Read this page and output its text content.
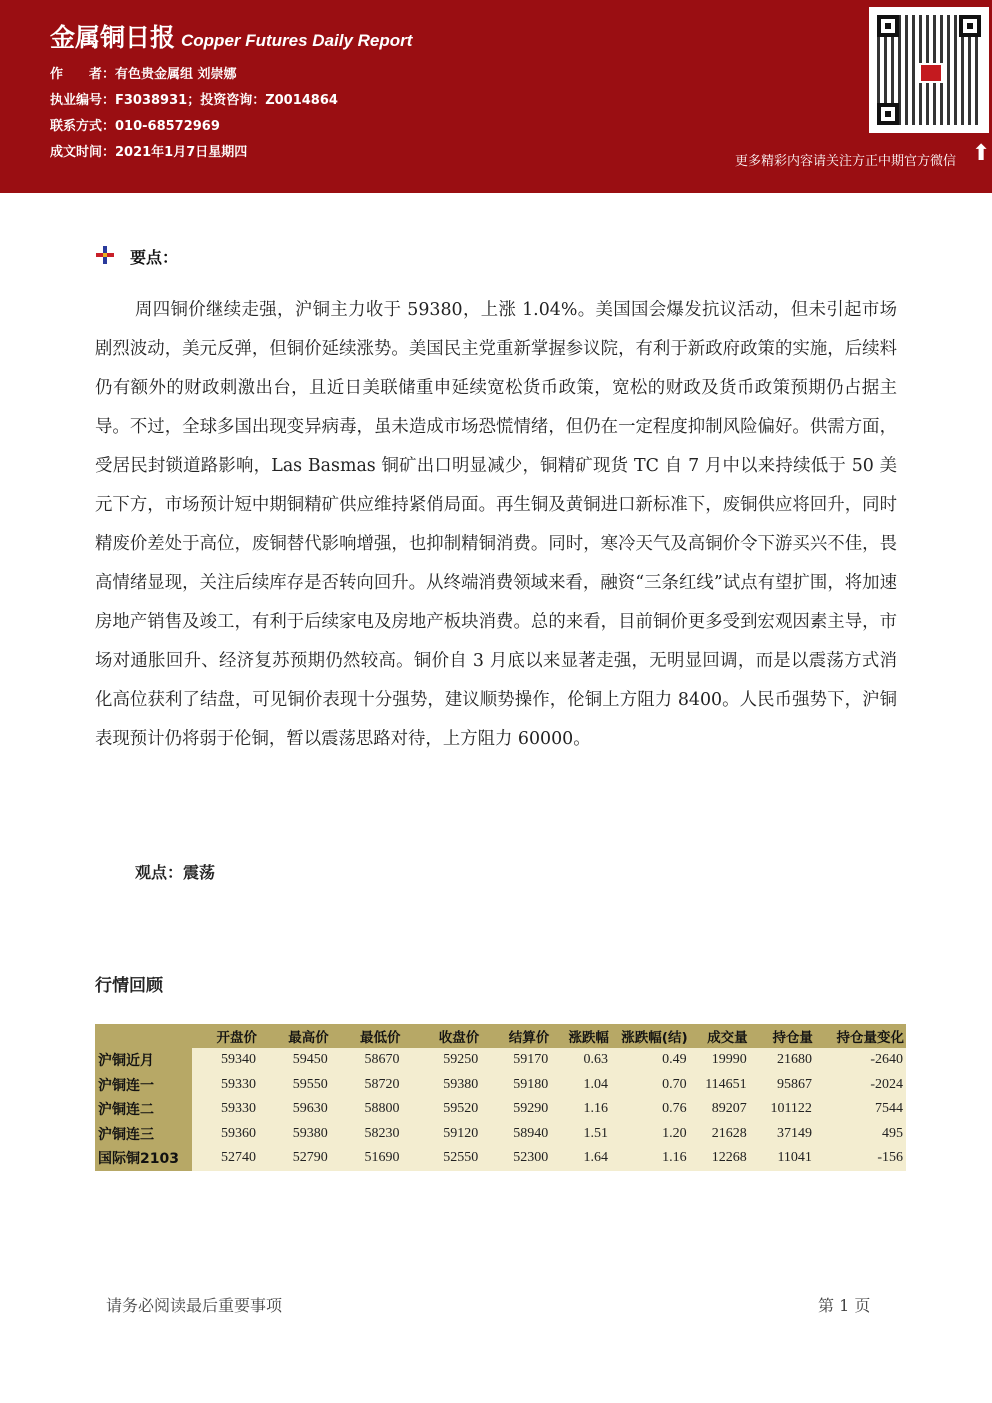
金属铜日报 Copper Futures Daily Report
作　　者：有色贵金属组 刘崇娜
执业编号：F3038931；投资咨询：Z0014864
联系方式：010-68572969
成文时间：2021年1月7日星期四
更多精彩内容请关注方正中期官方微信 ⬆
要点：
周四铜价继续走强，沪铜主力收于 59380，上涨 1.04%。美国国会爆发抗议活动，但未引起市场剧烈波动，美元反弹，但铜价延续涨势。美国民主党重新掌握参议院，有利于新政府政策的实施，后续料仍有额外的财政刺激出台，且近日美联储重申延续宽松货币政策，宽松的财政及货币政策预期仍占据主导。不过，全球多国出现变异病毒，虽未造成市场恐慌情绪，但仍在一定程度抑制风险偏好。供需方面，受居民封锁道路影响，Las Basmas 铜矿出口明显减少，铜精矿现货 TC 自 7 月中以来持续低于 50 美元下方，市场预计短中期铜精矿供应维持紧俏局面。再生铜及黄铜进口新标准下，废铜供应将回升，同时精废价差处于高位，废铜替代影响增强，也抑制精铜消费。同时，寒冷天气及高铜价令下游买兴不佳，畏高情绪显现，关注后续库存是否转向回升。从终端消费领域来看，融资“三条红线”试点有望扩围，将加速房地产销售及竣工，有利于后续家电及房地产板块消费。总的来看，目前铜价更多受到宏观因素主导，市场对通胀回升、经济复苏预期仍然较高。铜价自 3 月底以来显著走强，无明显回调，而是以震荡方式消化高位获利了结盘，可见铜价表现十分强势，建议顺势操作，伦铜上方阻力 8400。人民币强势下，沪铜表现预计仍将弱于伦铜，暂以震荡思路对待，上方阻力 60000。
观点：震荡
行情回顾
	开盘价	最高价	最低价	收盘价	结算价	涨跌幅	涨跌幅(结)	成交量	持仓量	持仓量变化
沪铜近月	59340	59450	58670	59250	59170	0.63	0.49	19990	21680	-2640
沪铜连一	59330	59550	58720	59380	59180	1.04	0.70	114651	95867	-2024
沪铜连二	59330	59630	58800	59520	59290	1.16	0.76	89207	101122	7544
沪铜连三	59360	59380	58230	59120	58940	1.51	1.20	21628	37149	495
国际铜2103	52740	52790	51690	52550	52300	1.64	1.16	12268	11041	-156
请务必阅读最后重要事项	第 1 页
